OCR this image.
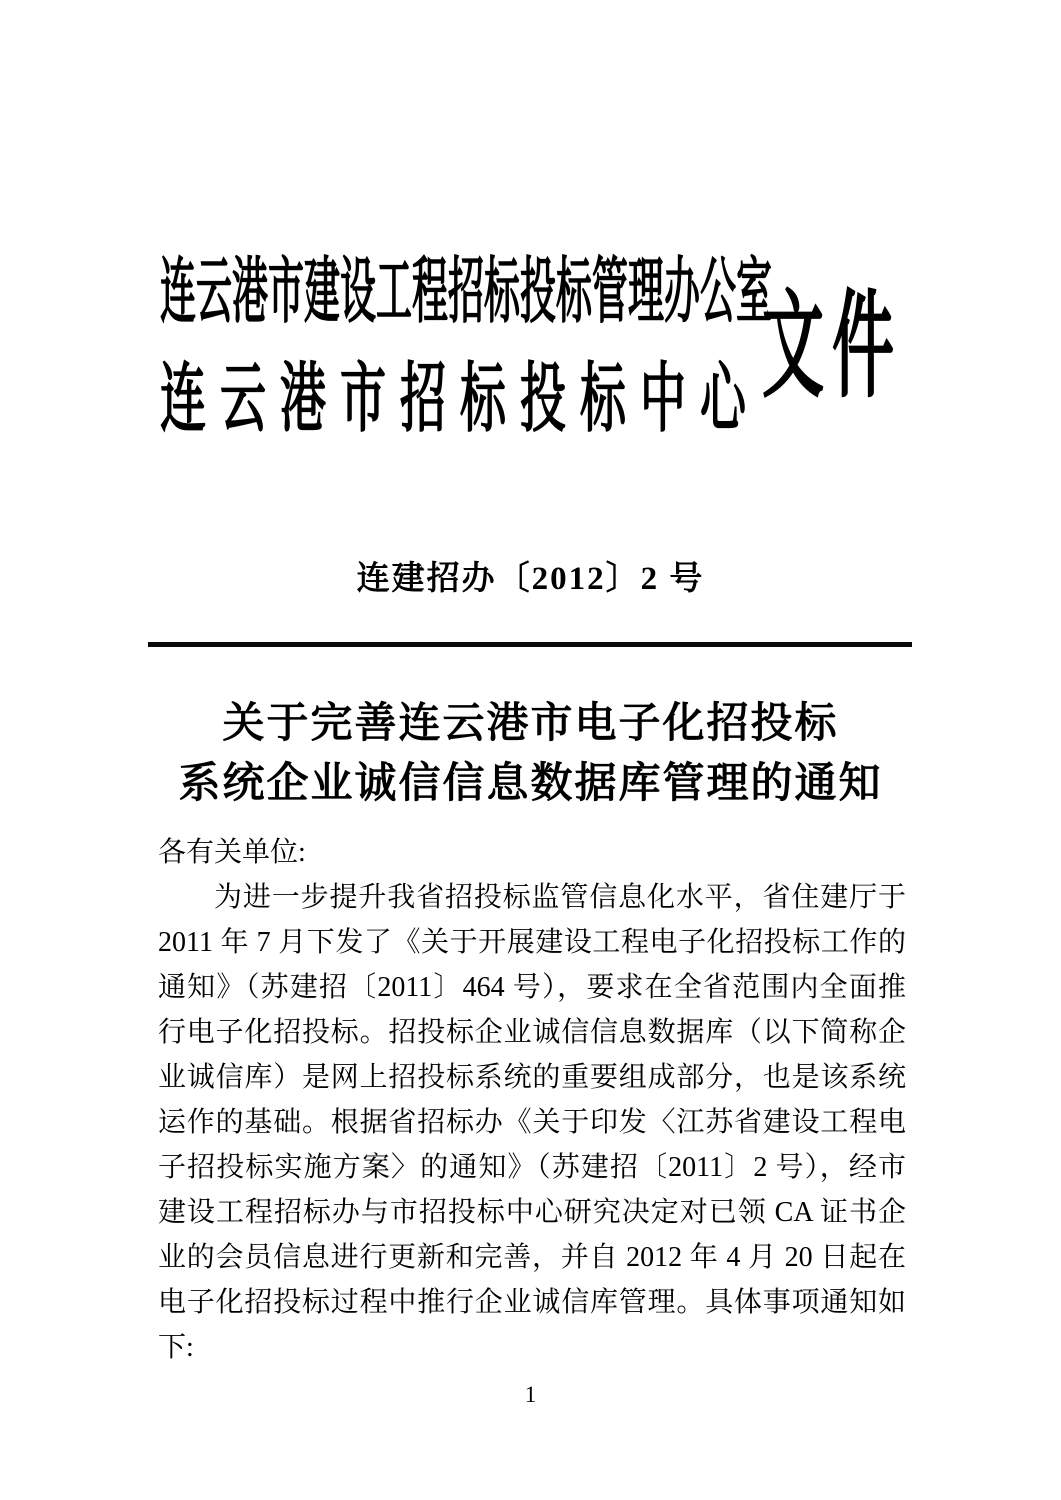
连云港市建设工程招标投标管理办公室
连云港市招标投标中心 文件
连建招办〔2012〕2 号
关于完善连云港市电子化招投标
系统企业诚信信息数据库管理的通知
各有关单位:
为进一步提升我省招投标监管信息化水平，省住建厅于
2011 年 7 月下发了《关于开展建设工程电子化招投标工作的
通知》（苏建招〔2011〕464 号），要求在全省范围内全面推
行电子化招投标。招投标企业诚信信息数据库（以下简称企
业诚信库）是网上招投标系统的重要组成部分，也是该系统
运作的基础。根据省招标办《关于印发〈江苏省建设工程电
子招投标实施方案〉的通知》（苏建招〔2011〕2 号），经市
建设工程招标办与市招投标中心研究决定对已领 CA 证书企
业的会员信息进行更新和完善，并自 2012 年 4 月 20 日起在
电子化招投标过程中推行企业诚信库管理。具体事项通知如
下:
1
